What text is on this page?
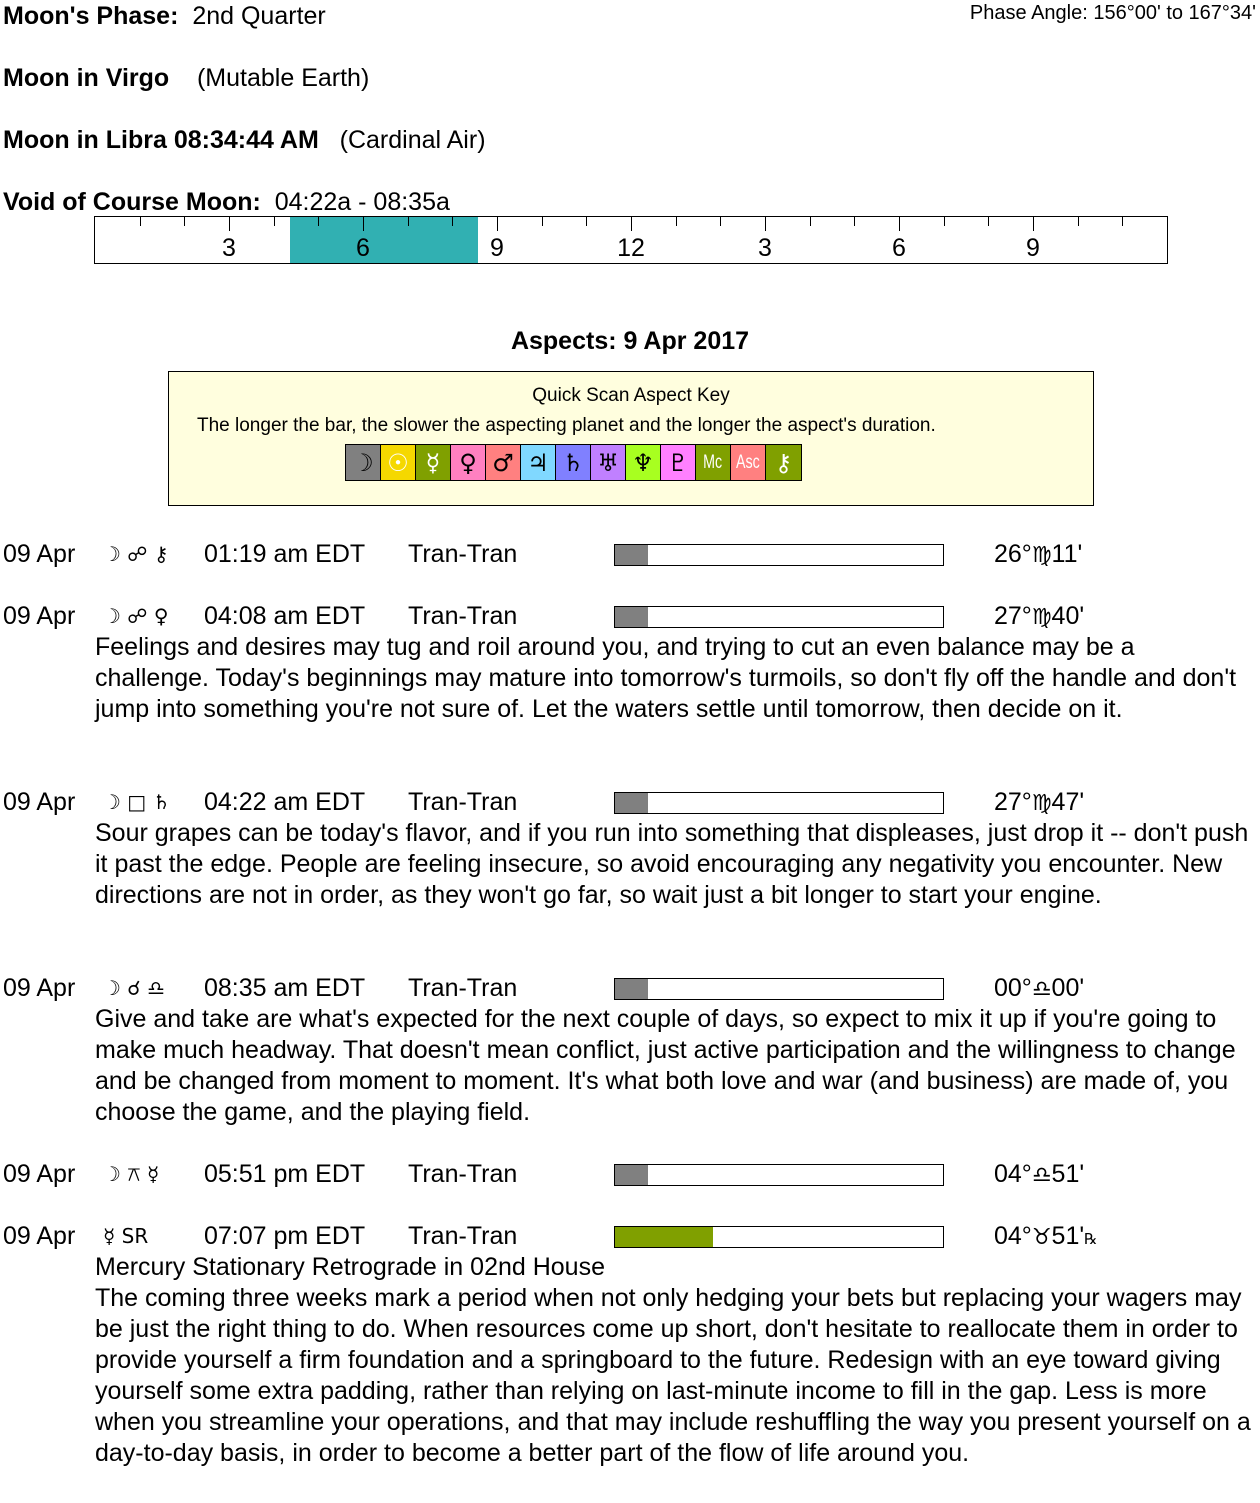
Moon's Phase: 2nd Quarter	Phase Angle: 156°00' to 167°34'
Moon in Virgo (Mutable Earth)
Moon in Libra 08:34:44 AM (Cardinal Air)
Void of Course Moon: 04:22a - 08:35a
3	6	9	12	3	6	9
Aspects: 9 Apr 2017
Quick Scan Aspect Key
The longer the bar, the slower the aspecting planet and the longer the aspect's duration.
☽ ☉ ☿ ♀ ♂ ♃ ♄ ♅ ♆ ♇ Mc Asc ⚷
09 Apr ☽ ☍ ⚷ 01:19 am EDT Tran-Tran	26°♍11'
09 Apr ☽ ☍ ♀ 04:08 am EDT Tran-Tran	27°♍40'
Feelings and desires may tug and roil around you, and trying to cut an even balance may be a challenge. Today's beginnings may mature into tomorrow's turmoils, so don't fly off the handle and don't jump into something you're not sure of. Let the waters settle until tomorrow, then decide on it.
09 Apr ☽ □ ♄ 04:22 am EDT Tran-Tran	27°♍47'
Sour grapes can be today's flavor, and if you run into something that displeases, just drop it -- don't push it past the edge. People are feeling insecure, so avoid encouraging any negativity you encounter. New directions are not in order, as they won't go far, so wait just a bit longer to start your engine.
09 Apr ☽ ☌ ♎ 08:35 am EDT Tran-Tran	00°♎00'
Give and take are what's expected for the next couple of days, so expect to mix it up if you're going to make much headway. That doesn't mean conflict, just active participation and the willingness to change and be changed from moment to moment. It's what both love and war (and business) are made of, you choose the game, and the playing field.
09 Apr ☽ ⚻ ☿ 05:51 pm EDT Tran-Tran	04°♎51'
09 Apr ☿ SR 07:07 pm EDT Tran-Tran	04°♉51'℞
Mercury Stationary Retrograde in 02nd House
The coming three weeks mark a period when not only hedging your bets but replacing your wagers may be just the right thing to do. When resources come up short, don't hesitate to reallocate them in order to provide yourself a firm foundation and a springboard to the future. Redesign with an eye toward giving yourself some extra padding, rather than relying on last-minute income to fill in the gap. Less is more when you streamline your operations, and that may include reshuffling the way you present yourself on a day-to-day basis, in order to become a better part of the flow of life around you.
